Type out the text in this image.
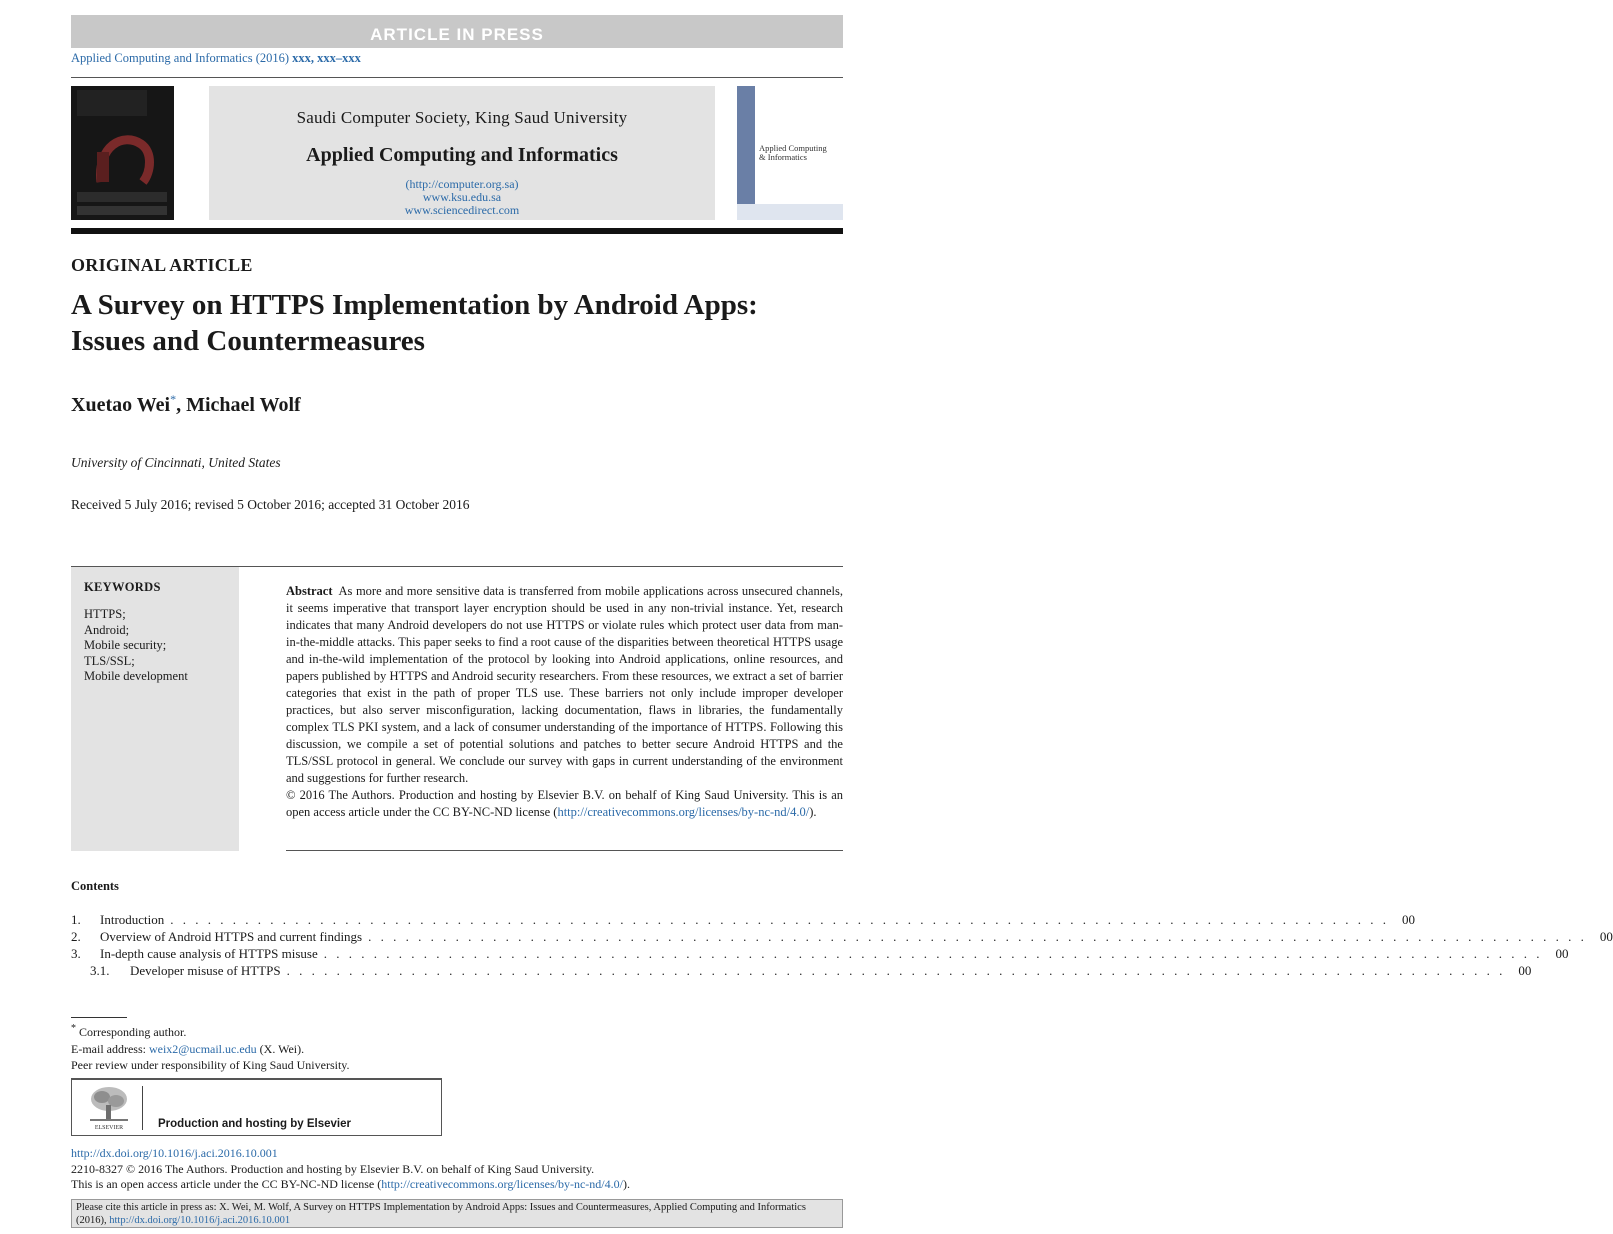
ARTICLE IN PRESS
Applied Computing and Informatics (2016) xxx, xxx–xxx
Saudi Computer Society, King Saud University
Applied Computing and Informatics
(http://computer.org.sa)
www.ksu.edu.sa
www.sciencedirect.com
Applied Computing
& Informatics
ORIGINAL ARTICLE
A Survey on HTTPS Implementation by Android Apps: Issues and Countermeasures
Xuetao Wei*, Michael Wolf
University of Cincinnati, United States
Received 5 July 2016; revised 5 October 2016; accepted 31 October 2016
KEYWORDS
HTTPS;
Android;
Mobile security;
TLS/SSL;
Mobile development
Abstract As more and more sensitive data is transferred from mobile applications across unsecured channels, it seems imperative that transport layer encryption should be used in any non-trivial instance. Yet, research indicates that many Android developers do not use HTTPS or violate rules which protect user data from man-in-the-middle attacks. This paper seeks to find a root cause of the disparities between theoretical HTTPS usage and in-the-wild implementation of the protocol by looking into Android applications, online resources, and papers published by HTTPS and Android security researchers. From these resources, we extract a set of barrier categories that exist in the path of proper TLS use. These barriers not only include improper developer practices, but also server misconfiguration, lacking documentation, flaws in libraries, the fundamentally complex TLS PKI system, and a lack of consumer understanding of the importance of HTTPS. Following this discussion, we compile a set of potential solutions and patches to better secure Android HTTPS and the TLS/SSL protocol in general. We conclude our survey with gaps in current understanding of the environment and suggestions for further research.
© 2016 The Authors. Production and hosting by Elsevier B.V. on behalf of King Saud University. This is an open access article under the CC BY-NC-ND license (http://creativecommons.org/licenses/by-nc-nd/4.0/).
Contents
1.	Introduction . . . . . . . . . . . . . . . . . . . . . . . . . . . . . . . . . . . . . . . . . . . . . . . . . . . . . . . . . . . . . . . . . . . . . . . . . . . . . . . . . . . . . . . . . . . . . . . . . .	00
2.	Overview of Android HTTPS and current findings . . . . . . . . . . . . . . . . . . . . . . . . . . . . . . . . . . . . . . . . . . . . . . . . . . . . . . . . . . . . . . . . . . . . . . . . . . . . . . . . . . . . . . . . . . . . . . . . . .	00
3.	In-depth cause analysis of HTTPS misuse . . . . . . . . . . . . . . . . . . . . . . . . . . . . . . . . . . . . . . . . . . . . . . . . . . . . . . . . . . . . . . . . . . . . . . . . . . . . . . . . . . . . . . . . . . . . . . . . . .	00
3.1.	Developer misuse of HTTPS . . . . . . . . . . . . . . . . . . . . . . . . . . . . . . . . . . . . . . . . . . . . . . . . . . . . . . . . . . . . . . . . . . . . . . . . . . . . . . . . . . . . . . . . . . . . . . . . . .	00
* Corresponding author.
E-mail address: weix2@ucmail.uc.edu (X. Wei).
Peer review under responsibility of King Saud University.
ELSEVIER	Production and hosting by Elsevier
http://dx.doi.org/10.1016/j.aci.2016.10.001
2210-8327 © 2016 The Authors. Production and hosting by Elsevier B.V. on behalf of King Saud University.
This is an open access article under the CC BY-NC-ND license (http://creativecommons.org/licenses/by-nc-nd/4.0/).
Please cite this article in press as: X. Wei, M. Wolf, A Survey on HTTPS Implementation by Android Apps: Issues and Countermeasures, Applied Computing and Informatics (2016), http://dx.doi.org/10.1016/j.aci.2016.10.001
